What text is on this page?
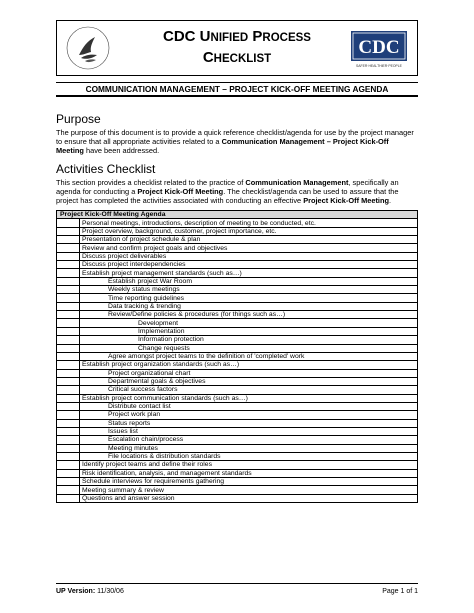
CDC UNIFIED PROCESS
CHECKLIST
CDC
SAFER·HEALTHIER·PEOPLE
COMMUNICATION MANAGEMENT – PROJECT KICK-OFF MEETING AGENDA
Purpose

The purpose of this document is to provide a quick reference checklist/agenda for use by the project manager to ensure that all appropriate activities related to a Communication Management – Project Kick-Off Meeting have been addressed.

Activities Checklist

This section provides a checklist related to the practice of Communication Management, specifically an agenda for conducting a Project Kick-Off Meeting. The checklist/agenda can be used to assure that the project has completed the activities associated with conducting an effective Project Kick-Off Meeting.

Project Kick-Off Meeting Agenda	
	Personal meetings, introductions, description of meeting to be conducted, etc.
	Project overview, background, customer, project importance, etc.
	Presentation of project schedule & plan
	Review and confirm project goals and objectives
	Discuss project deliverables
	Discuss project interdependencies
	Establish project management standards (such as…)
	Establish project War Room
	Weekly status meetings
	Time reporting guidelines
	Data tracking & trending
	Review/Define policies & procedures (for things such as…)
	Development
	Implementation
	Information protection
	Change requests
	Agree amongst project teams to the definition of 'completed' work
	Establish project organization standards (such as…)
	Project organizational chart
	Departmental goals & objectives
	Critical success factors
	Establish project communication standards (such as…)
	Distribute contact list
	Project work plan
	Status reports
	Issues list
	Escalation chain/process
	Meeting minutes
	File locations & distribution standards
	Identify project teams and define their roles
	Risk identification, analysis, and management standards
	Schedule interviews for requirements gathering
	Meeting summary & review
	Questions and answer session
UP Version: 11/30/06	Page 1 of 1
